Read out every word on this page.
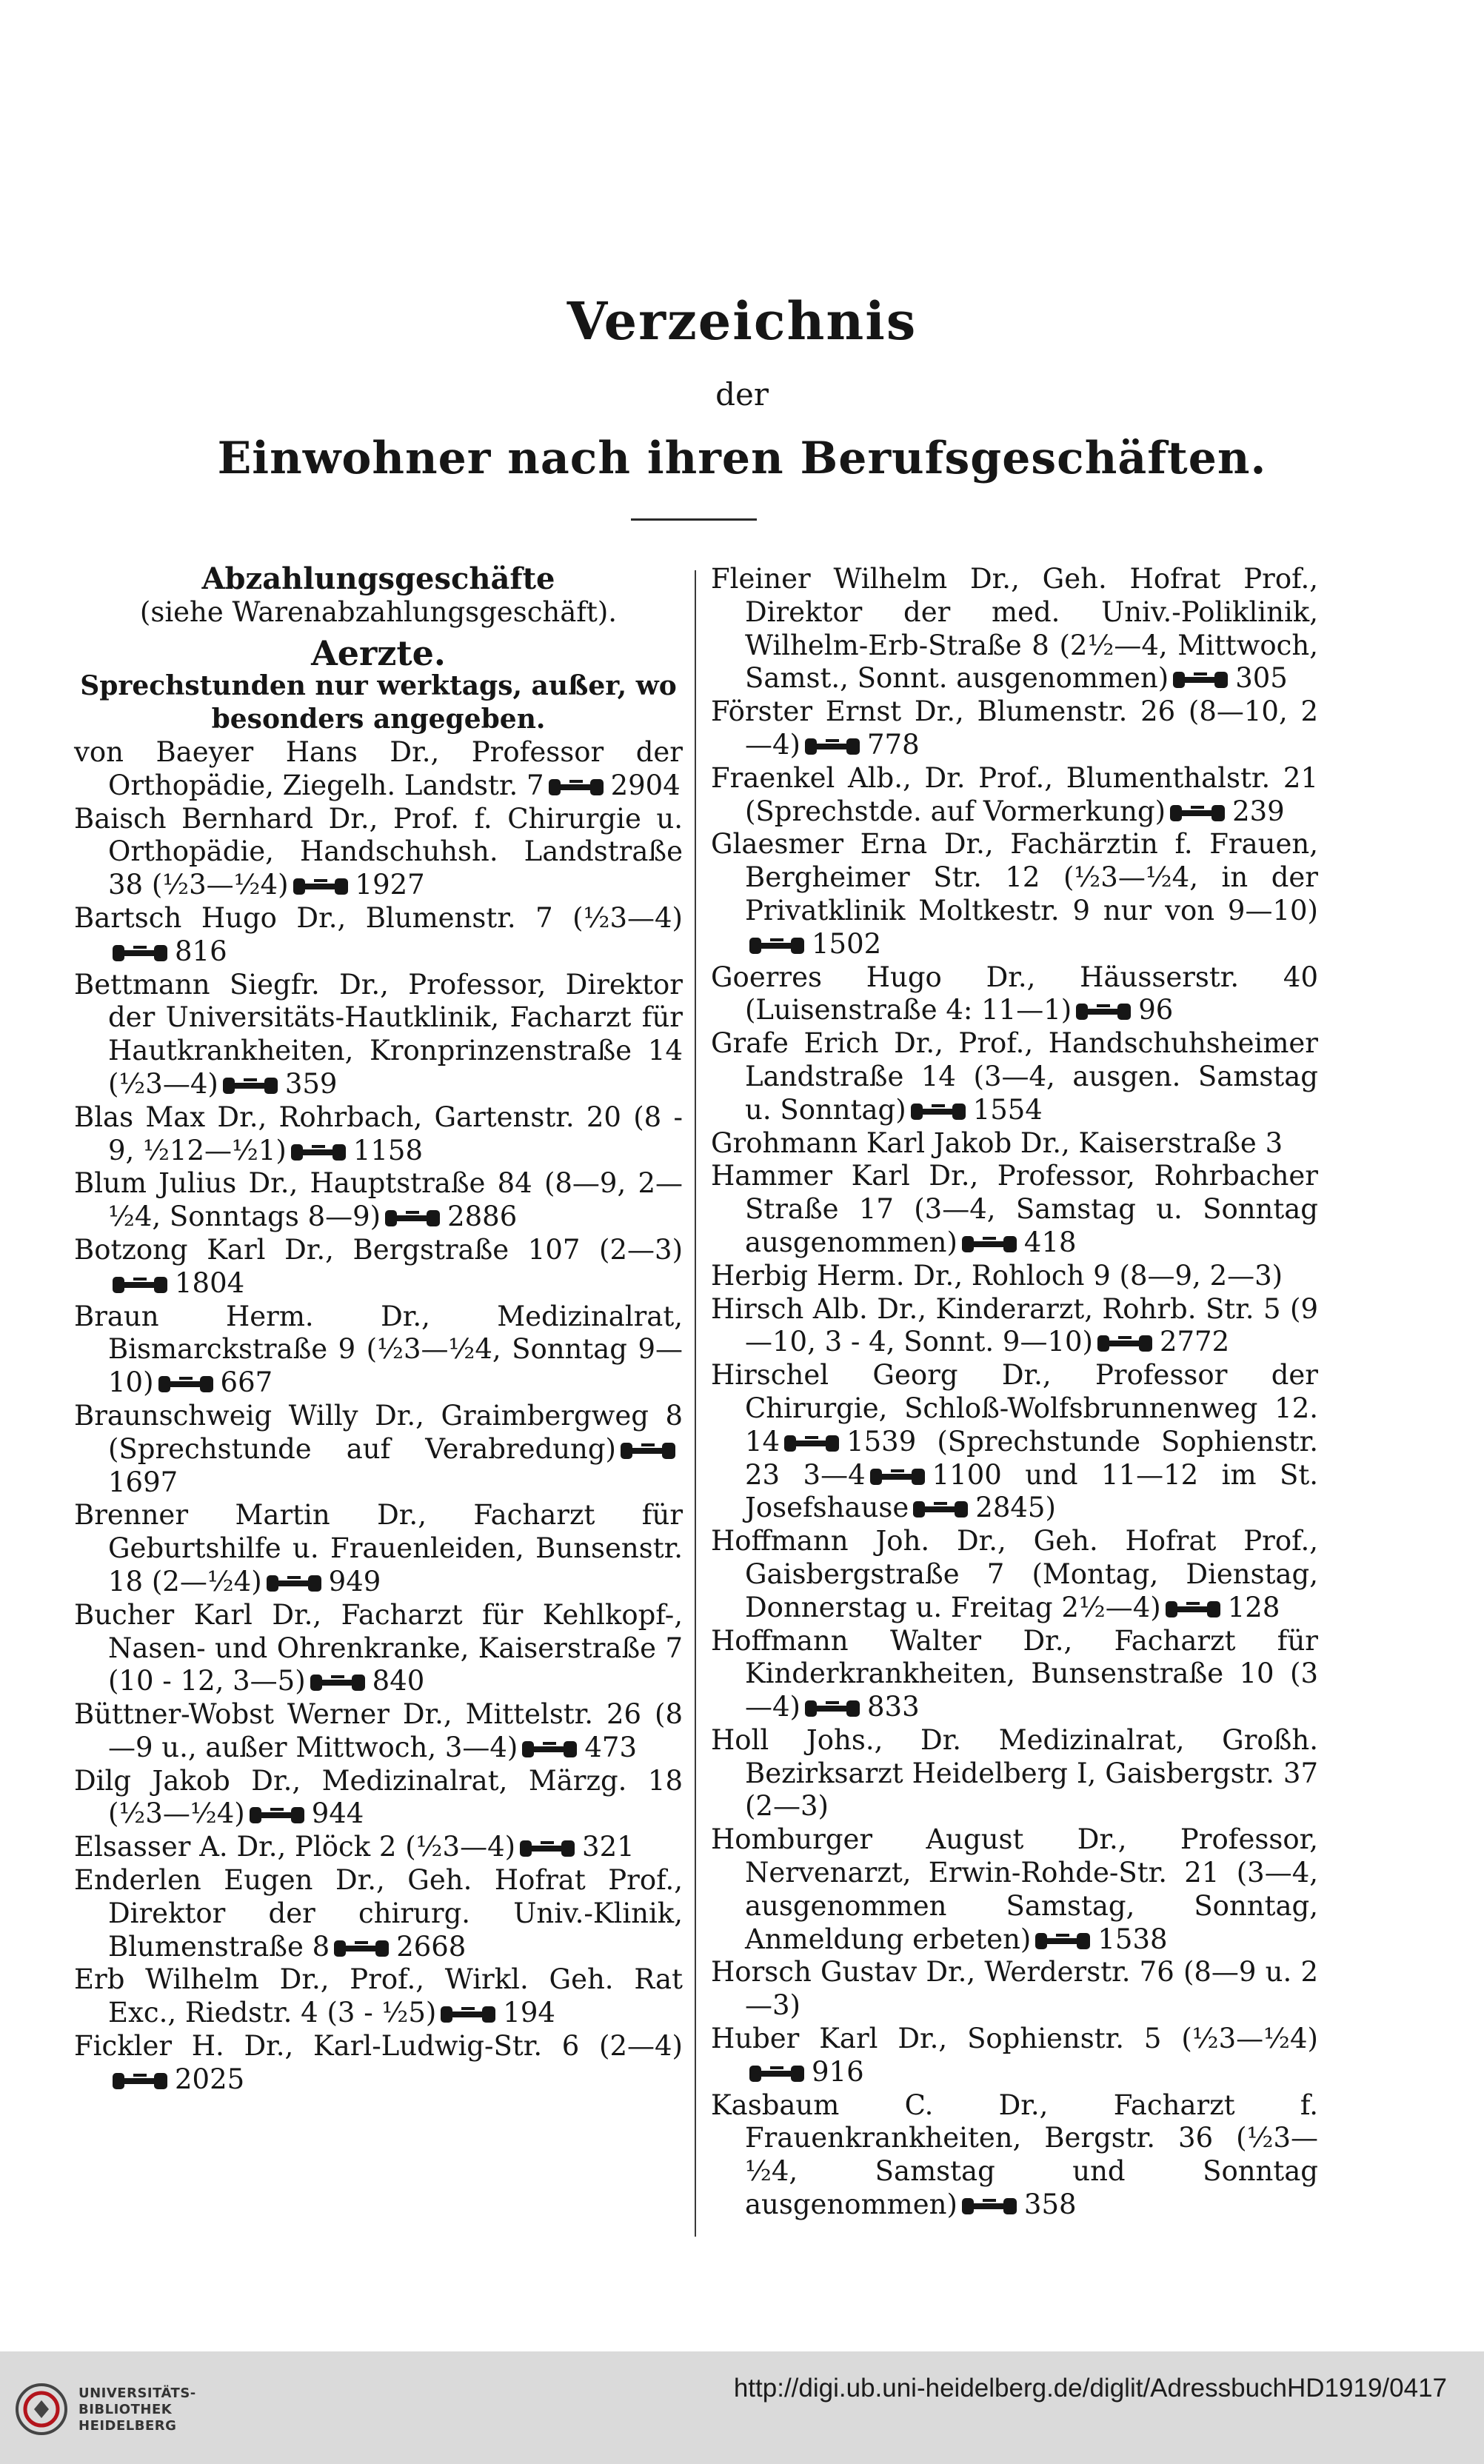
Verzeichnis
der
Einwohner nach ihren Berufsgeschäften.
Abzahlungsgeschäfte
(siehe Warenabzahlungsgeschäft).
Aerzte.
Sprechstunden nur werktags, außer, wo besonders angegeben.
von Baeyer Hans Dr., Professor der Orthopädie, Ziegelh. Landstr. 7 2904
Baisch Bernhard Dr., Prof. f. Chirurgie u. Orthopädie, Handschuhsh. Landstraße 38 (½3—½4) 1927
Bartsch Hugo Dr., Blumenstr. 7 (½3—4)
816
Bettmann Siegfr. Dr., Professor, Direktor der Universitäts-Hautklinik, Facharzt für Hautkrankheiten, Kronprinzenstraße 14 (½3—4) 359
Blas Max Dr., Rohrbach, Gartenstr. 20 (8 - 9, ½12—½1) 1158
Blum Julius Dr., Hauptstraße 84 (8—9, 2—½4, Sonntags 8—9) 2886
Botzong Karl Dr., Bergstraße 107 (2—3)
1804
Braun Herm. Dr., Medizinalrat, Bismarckstraße 9 (½3—½4, Sonntag 9—10) 667
Braunschweig Willy Dr., Graimbergweg 8 (Sprechstunde auf Verabredung)
1697
Brenner Martin Dr., Facharzt für Geburtshilfe u. Frauenleiden, Bunsenstr. 18 (2—½4) 949
Bucher Karl Dr., Facharzt für Kehlkopf-, Nasen- und Ohrenkranke, Kaiserstraße 7 (10 - 12, 3—5) 840
Büttner-Wobst Werner Dr., Mittelstr. 26 (8—9 u., außer Mittwoch, 3—4) 473
Dilg Jakob Dr., Medizinalrat, Märzg. 18 (½3—½4) 944
Elsasser A. Dr., Plöck 2 (½3—4) 321
Enderlen Eugen Dr., Geh. Hofrat Prof., Direktor der chirurg. Univ.-Klinik, Blumenstraße 8 2668
Erb Wilhelm Dr., Prof., Wirkl. Geh. Rat Exc., Riedstr. 4 (3 - ½5) 194
Fickler H. Dr., Karl-Ludwig-Str. 6 (2—4)
2025
Fleiner Wilhelm Dr., Geh. Hofrat Prof., Direktor der med. Univ.-Poliklinik, Wilhelm-Erb-Straße 8 (2½—4, Mittwoch, Samst., Sonnt. ausgenommen) 305
Förster Ernst Dr., Blumenstr. 26 (8—10, 2—4) 778
Fraenkel Alb., Dr. Prof., Blumenthalstr. 21 (Sprechstde. auf Vormerkung) 239
Glaesmer Erna Dr., Fachärztin f. Frauen, Bergheimer Str. 12 (½3—½4, in der Privatklinik Moltkestr. 9 nur von 9—10)
1502
Goerres Hugo Dr., Häusserstr. 40 (Luisenstraße 4: 11—1) 96
Grafe Erich Dr., Prof., Handschuhsheimer Landstraße 14 (3—4, ausgen. Samstag u. Sonntag) 1554
Grohmann Karl Jakob Dr., Kaiserstraße 3
Hammer Karl Dr., Professor, Rohrbacher Straße 17 (3—4, Samstag u. Sonntag ausgenommen) 418
Herbig Herm. Dr., Rohloch 9 (8—9, 2—3)
Hirsch Alb. Dr., Kinderarzt, Rohrb. Str. 5 (9—10, 3 - 4, Sonnt. 9—10) 2772
Hirschel Georg Dr., Professor der Chirurgie, Schloß-Wolfsbrunnenweg 12. 14 1539 (Sprechstunde Sophienstr. 23 3—4 1100 und 11—12 im St. Josefshause 2845)
Hoffmann Joh. Dr., Geh. Hofrat Prof., Gaisbergstraße 7 (Montag, Dienstag, Donnerstag u. Freitag 2½—4) 128
Hoffmann Walter Dr., Facharzt für Kinderkrankheiten, Bunsenstraße 10 (3—4) 833
Holl Johs., Dr. Medizinalrat, Großh. Bezirksarzt Heidelberg I, Gaisbergstr. 37 (2—3)
Homburger August Dr., Professor, Nervenarzt, Erwin-Rohde-Str. 21 (3—4, ausgenommen Samstag, Sonntag, Anmeldung erbeten) 1538
Horsch Gustav Dr., Werderstr. 76 (8—9 u. 2—3)
Huber Karl Dr., Sophienstr. 5 (½3—½4)
916
Kasbaum C. Dr., Facharzt f. Frauenkrankheiten, Bergstr. 36 (½3—½4, Samstag und Sonntag ausgenommen) 358
UNIVERSITÄTS-
BIBLIOTHEK
HEIDELBERG
http://digi.ub.uni-heidelberg.de/diglit/AdressbuchHD1919/0417
